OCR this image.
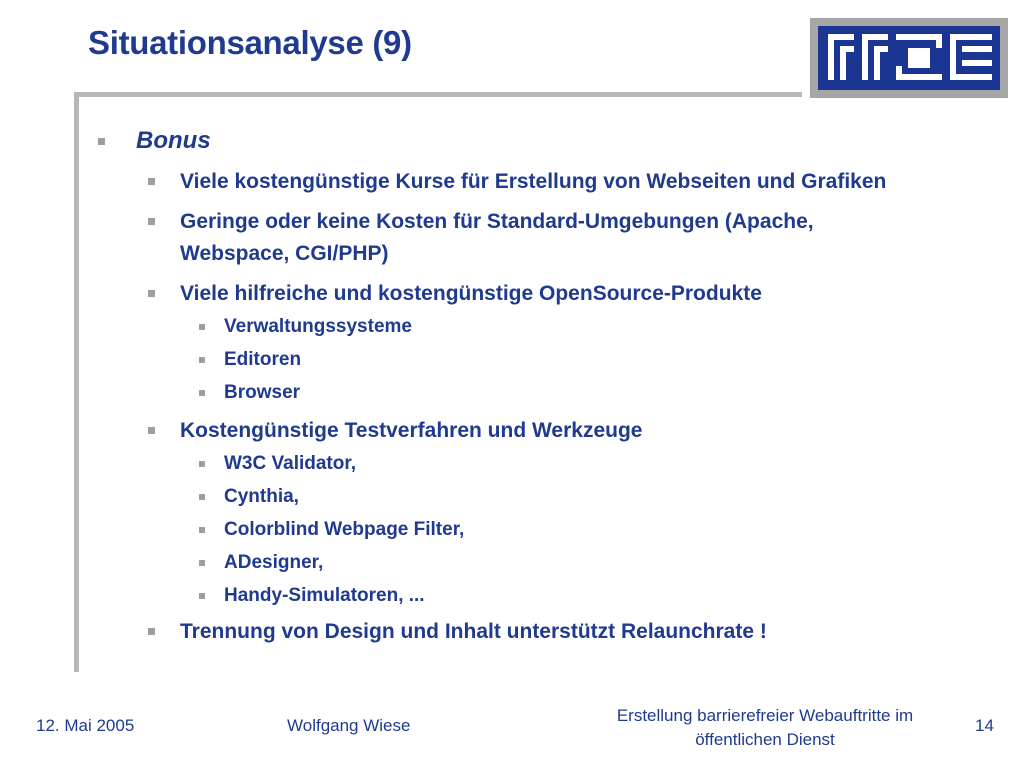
Situationsanalyse (9)
Bonus
Viele kostengünstige Kurse für Erstellung von Webseiten und Grafiken
Geringe oder keine Kosten für Standard-Umgebungen (Apache, Webspace, CGI/PHP)
Viele hilfreiche und kostengünstige OpenSource-Produkte
Verwaltungssysteme
Editoren
Browser
Kostengünstige Testverfahren und Werkzeuge
W3C Validator,
Cynthia,
Colorblind Webpage Filter,
ADesigner,
Handy-Simulatoren, ...
Trennung von Design und Inhalt unterstützt Relaunchrate !
12. Mai 2005	Wolfgang Wiese
Erstellung barrierefreier Webauftritte im öffentlichen Dienst
14
